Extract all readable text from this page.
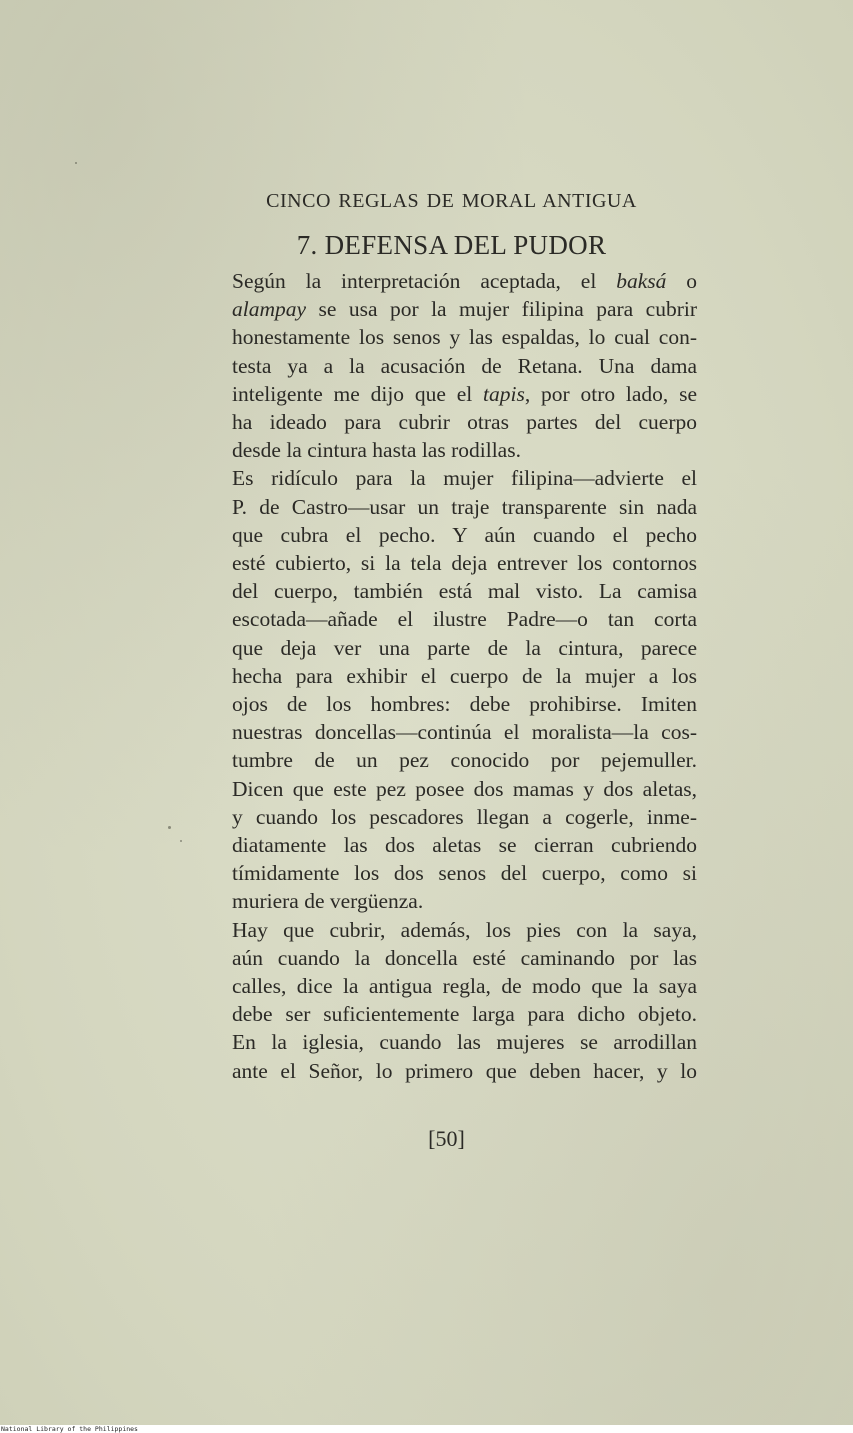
CINCO REGLAS DE MORAL ANTIGUA
7. DEFENSA DEL PUDOR

Según la interpretación aceptada, el baksá o
alampay se usa por la mujer filipina para cubrir
honestamente los senos y las espaldas, lo cual con-
testa ya a la acusación de Retana. Una dama
inteligente me dijo que el tapis, por otro lado, se
ha ideado para cubrir otras partes del cuerpo
desde la cintura hasta las rodillas.

Es ridículo para la mujer filipina—advierte el
P. de Castro—usar un traje transparente sin nada
que cubra el pecho. Y aún cuando el pecho
esté cubierto, si la tela deja entrever los contornos
del cuerpo, también está mal visto. La camisa
escotada—añade el ilustre Padre—o tan corta
que deja ver una parte de la cintura, parece
hecha para exhibir el cuerpo de la mujer a los
ojos de los hombres: debe prohibirse. Imiten
nuestras doncellas—continúa el moralista—la cos-
tumbre de un pez conocido por pejemuller.
Dicen que este pez posee dos mamas y dos aletas,
y cuando los pescadores llegan a cogerle, inme-
diatamente las dos aletas se cierran cubriendo
tímidamente los dos senos del cuerpo, como si
muriera de vergüenza.

Hay que cubrir, además, los pies con la saya,
aún cuando la doncella esté caminando por las
calles, dice la antigua regla, de modo que la saya
debe ser suficientemente larga para dicho objeto.
En la iglesia, cuando las mujeres se arrodillan
ante el Señor, lo primero que deben hacer, y lo

[50]
National Library of the Philippines
